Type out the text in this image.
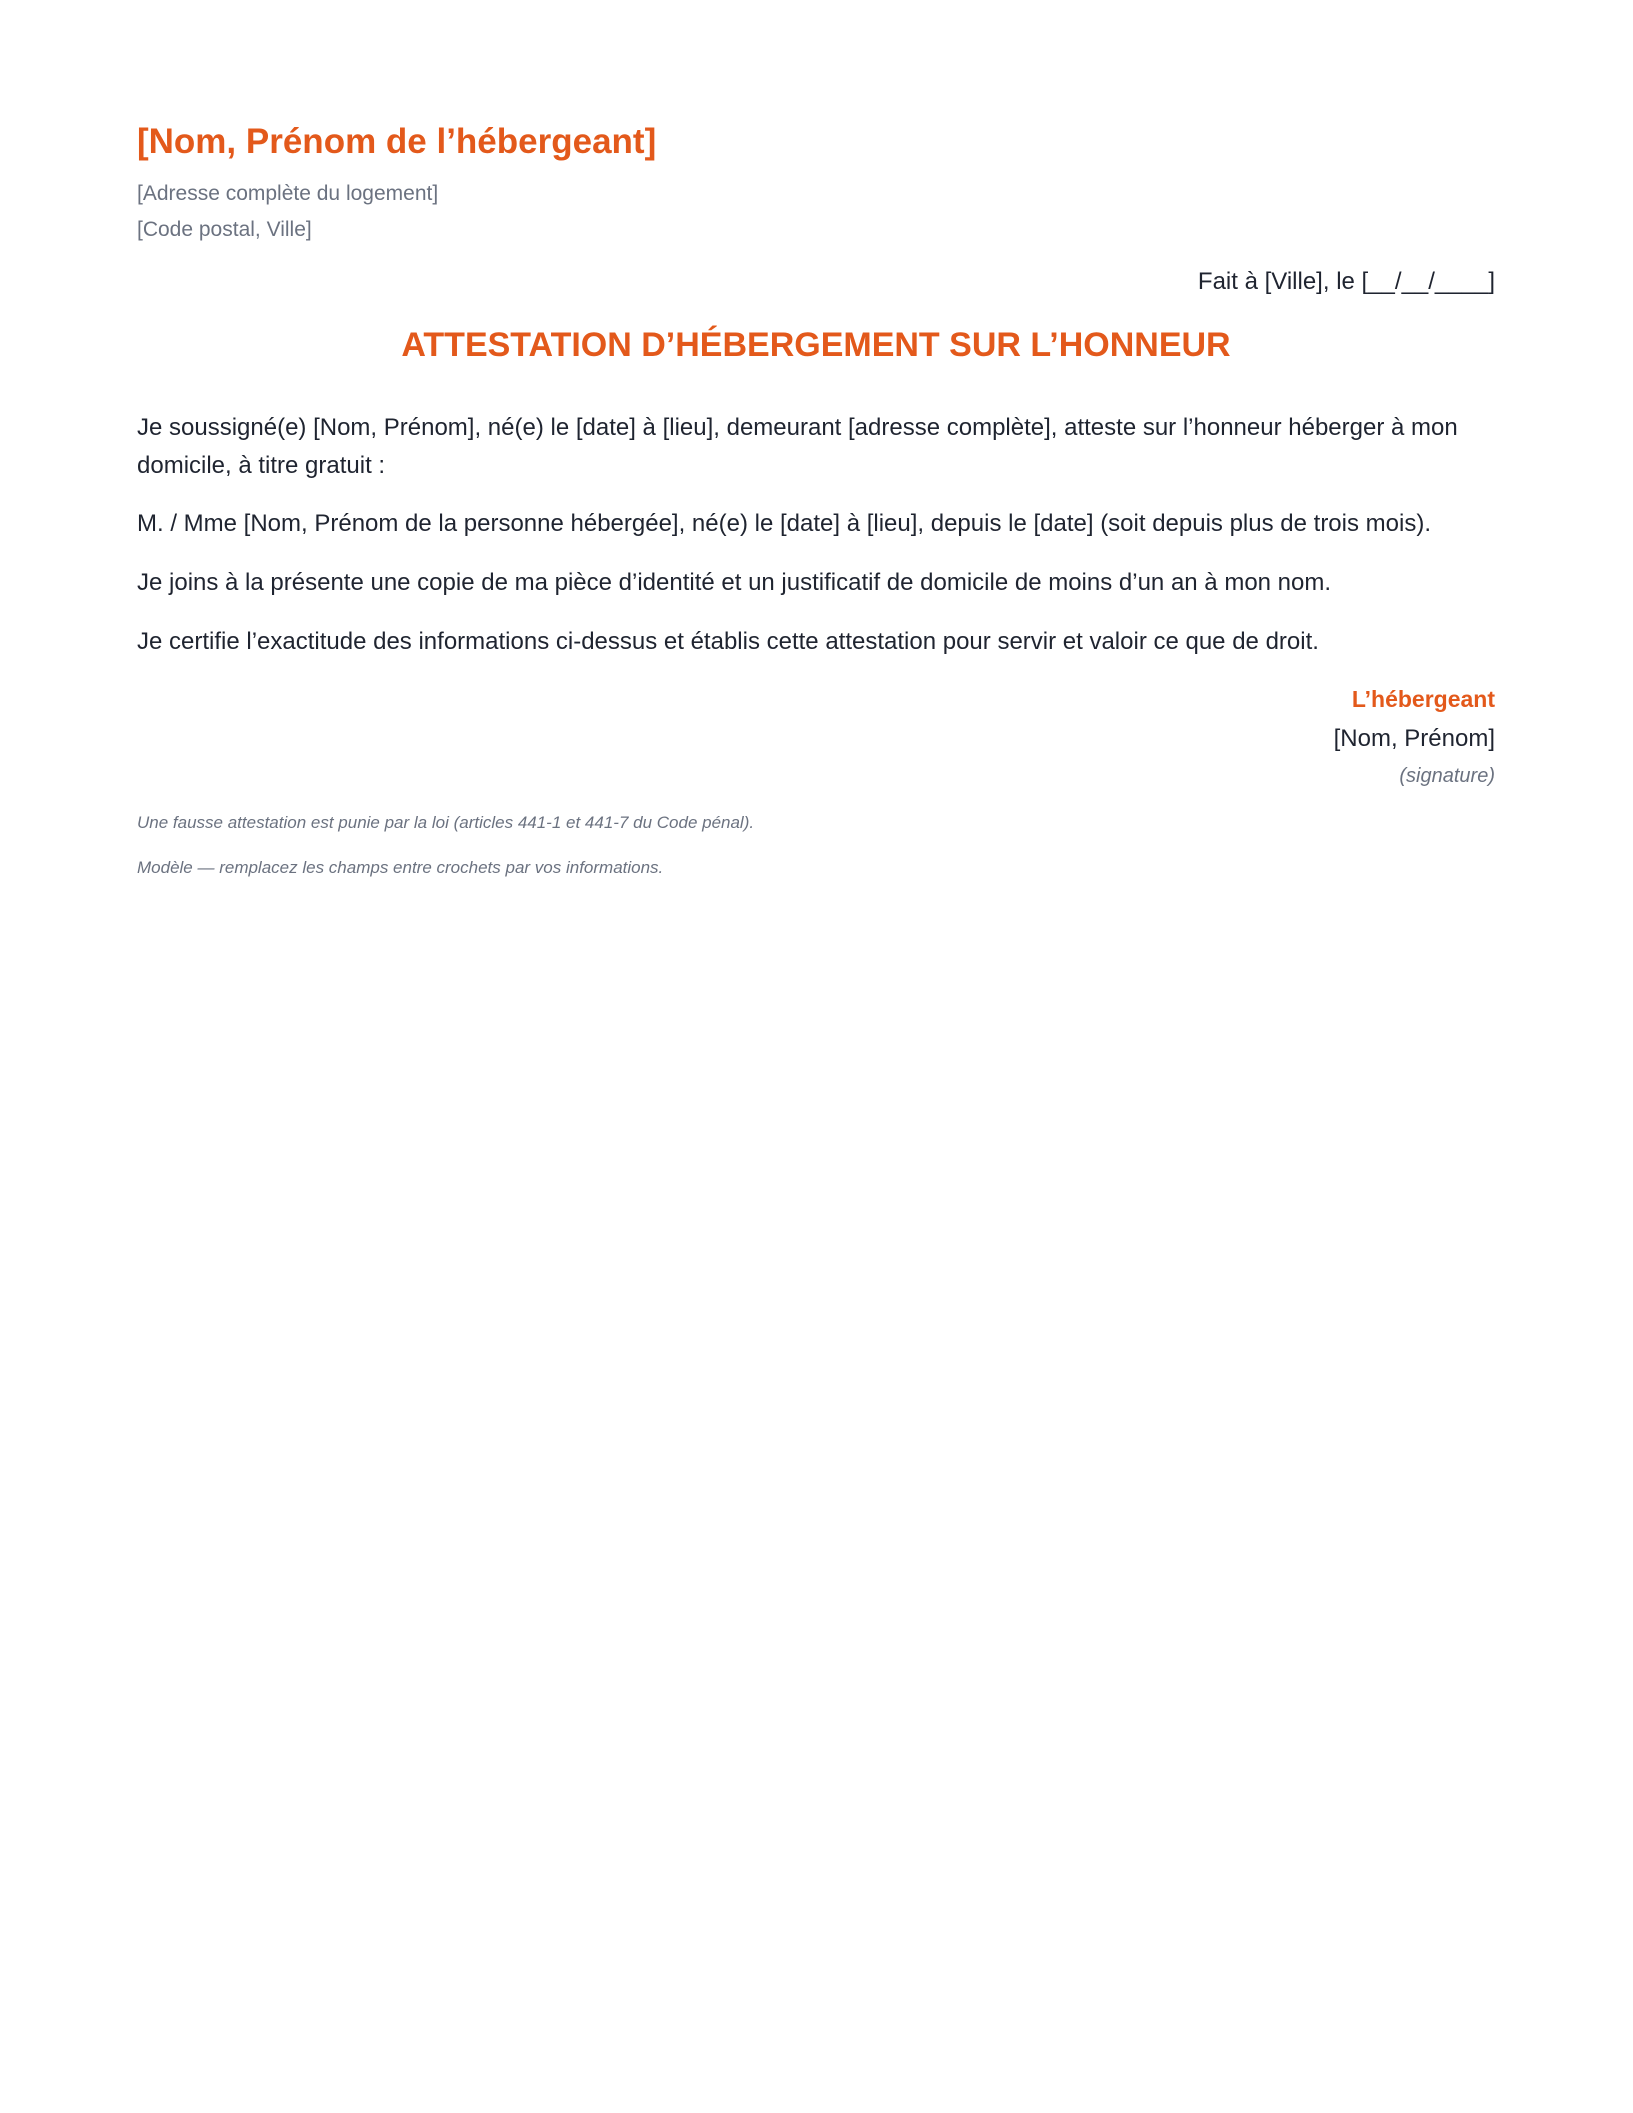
[Nom, Prénom de l’hébergeant]
[Adresse complète du logement]
[Code postal, Ville]
Fait à [Ville], le [__/__/____]
ATTESTATION D’HÉBERGEMENT SUR L’HONNEUR
Je soussigné(e) [Nom, Prénom], né(e) le [date] à [lieu], demeurant [adresse complète], atteste sur l’honneur héberger à mon domicile, à titre gratuit :
M. / Mme [Nom, Prénom de la personne hébergée], né(e) le [date] à [lieu], depuis le [date] (soit depuis plus de trois mois).
Je joins à la présente une copie de ma pièce d’identité et un justificatif de domicile de moins d’un an à mon nom.
Je certifie l’exactitude des informations ci-dessus et établis cette attestation pour servir et valoir ce que de droit.
L’hébergeant
[Nom, Prénom]
(signature)
Une fausse attestation est punie par la loi (articles 441-1 et 441-7 du Code pénal).
Modèle — remplacez les champs entre crochets par vos informations.
